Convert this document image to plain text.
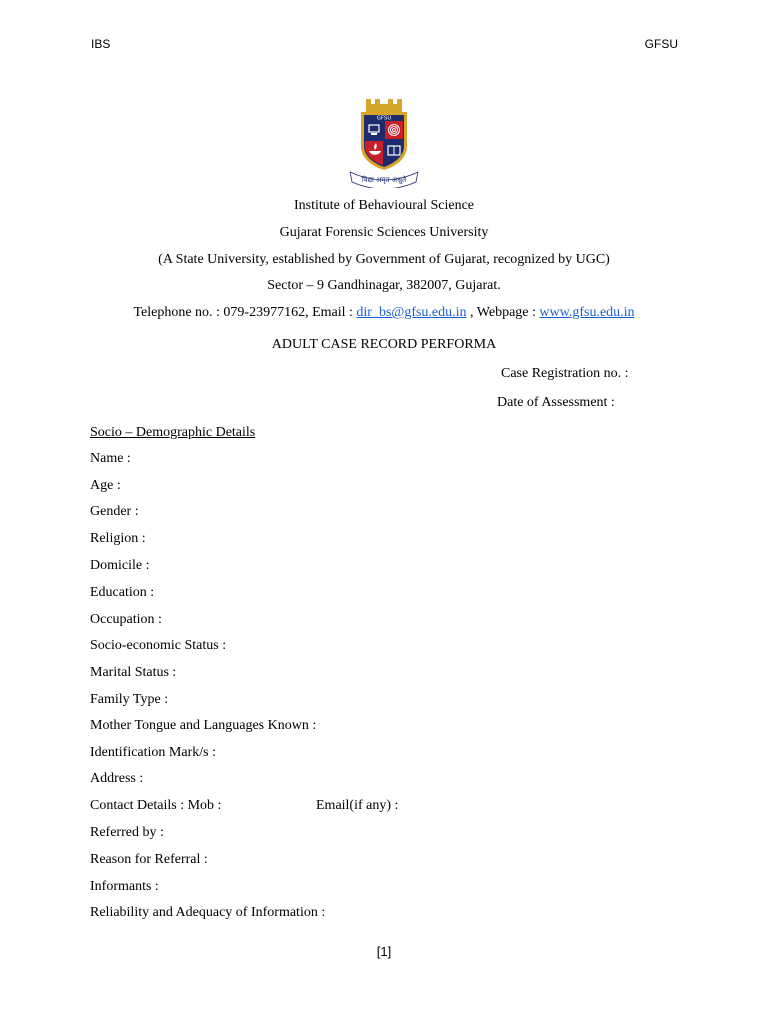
IBS	GFSU
GFSU
विद्या अमृत अश्नुते
Institute of Behavioural Science
Gujarat Forensic Sciences University
(A State University, established by Government of Gujarat, recognized by UGC)
Sector – 9 Gandhinagar, 382007, Gujarat.
Telephone no. : 079-23977162, Email : dir_bs@gfsu.edu.in , Webpage : www.gfsu.edu.in
ADULT CASE RECORD PERFORMA
Case Registration no. :
Date of Assessment :
Socio – Demographic Details
Name :
Age :
Gender :
Religion :
Domicile :
Education :
Occupation :
Socio-economic Status :
Marital Status :
Family Type :
Mother Tongue and Languages Known :
Identification Mark/s :
Address :
Contact Details : Mob :	Email(if any) :
Referred by :
Reason for Referral :
Informants :
Reliability and Adequacy of Information :
[1]
